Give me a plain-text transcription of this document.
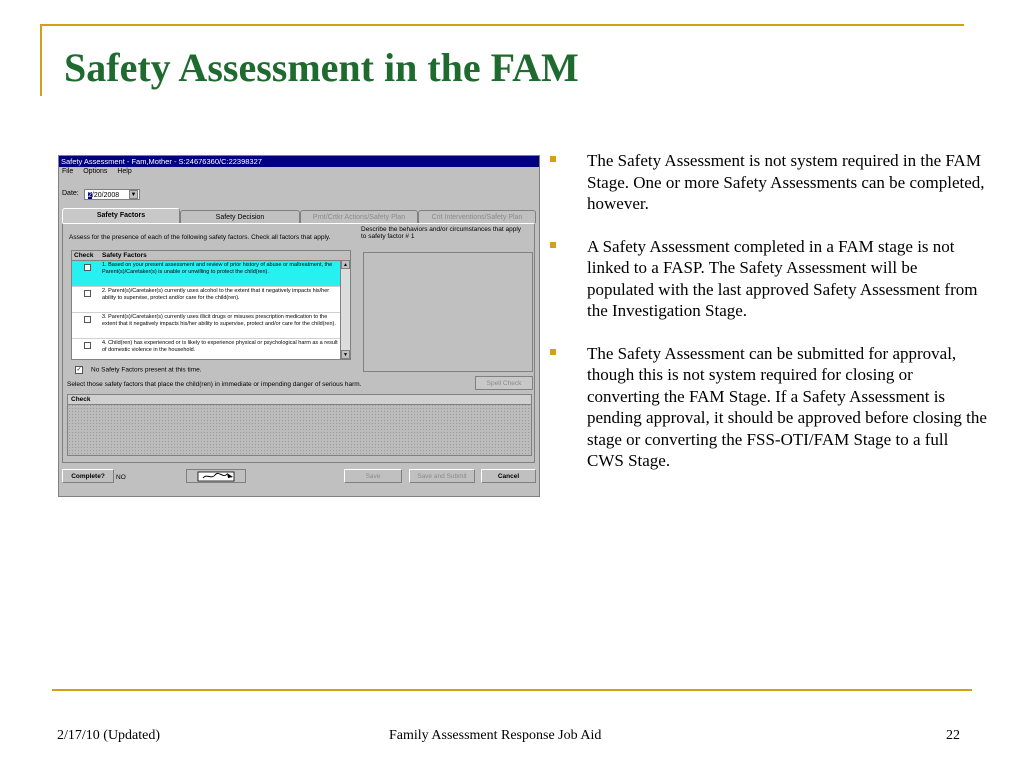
Safety Assessment in the FAM
Safety Assessment - Fam,Mother - S:24676360/C:22398327
File Options Help
Date:	2/20/2008	▼
Safety Factors	Safety Decision	Prnt/Crtkr Actions/Safety Plan	Crit Interventions/Safety Plan
Assess for the presence of each of the following safety factors. Check all factors that apply.
Check Safety Factors
1. Based on your present assessment and review of prior history of abuse or maltreatment, the Parent(s)/Caretaker(s) is unable or unwilling to protect the child(ren).
2. Parent(s)/Caretaker(s) currently uses alcohol to the extent that it negatively impacts his/her ability to supervise, protect and/or care for the child(ren).
3. Parent(s)/Caretaker(s) currently uses illicit drugs or misuses prescription medication to the extent that it negatively impacts his/her ability to supervise, protect and/or care for the child(ren).
4. Child(ren) has experienced or is likely to experience physical or psychological harm as a result of domestic violence in the household.
▲
▼
✓ No Safety Factors present at this time.
Describe the behaviors and/or circumstances that apply to safety factor # 1
Select those safety factors that place the child(ren) in immediate or impending danger of serious harm.	Spell Check
Check
Complete?	NO	Save	Save and Submit	Cancel
The Safety Assessment is not system required in the FAM Stage. One or more Safety Assessments can be completed, however.
A Safety Assessment completed in a FAM stage is not linked to a FASP. The Safety Assessment will be populated with the last approved Safety Assessment from the Investigation Stage.
The Safety Assessment can be submitted for approval, though this is not system required for closing or converting the FAM Stage. If a Safety Assessment is pending approval, it should be approved before closing the stage or converting the FSS-OTI/FAM Stage to a full CWS Stage.
2/17/10 (Updated)	Family Assessment Response Job Aid	22
